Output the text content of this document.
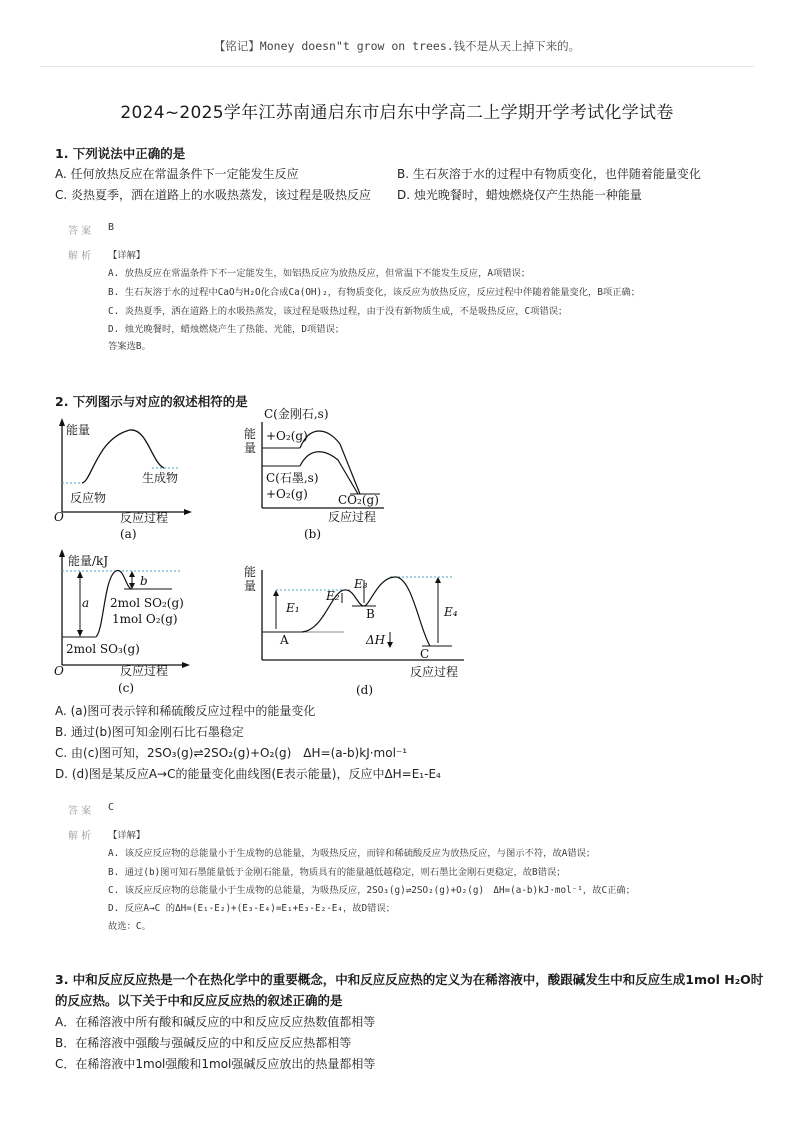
【铭记】Money doesn"t grow on trees.钱不是从天上掉下来的。
2024~2025学年江苏南通启东市启东中学高二上学期开学考试化学试卷
1. 下列说法中正确的是
A. 任何放热反应在常温条件下一定能发生反应	B. 生石灰溶于水的过程中有物质变化，也伴随着能量变化
C. 炎热夏季，洒在道路上的水吸热蒸发，该过程是吸热反应 D. 烛光晚餐时，蜡烛燃烧仅产生热能一种能量
答 案 B
解 析 【详解】
A. 放热反应在常温条件下不一定能发生，如铝热反应为放热反应，但常温下不能发生反应，A项错误；
B. 生石灰溶于水的过程中CaO与H₂O化合成Ca(OH)₂，有物质变化，该反应为放热反应，反应过程中伴随着能量变化，B项正确；
C. 炎热夏季，洒在道路上的水吸热蒸发，该过程是吸热过程，由于没有新物质生成，不是吸热反应，C项错误；
D. 烛光晚餐时，蜡烛燃烧产生了热能、光能，D项错误；
答案选B。
2. 下列图示与对应的叙述相符的是
能量
生成物
反应物
O	反应过程
(a)
C(金刚石,s)
能
量
+O₂(g)
C(石墨,s)
+O₂(g)	CO₂(g)
反应过程
(b)
能量/kJ
b
a 2mol SO₂(g)
1mol O₂(g)
2mol SO₃(g)
O	反应过程
(c)
能
量
E₁
E₂
E₃
E₄
A
B
C
ΔH
反应过程
(d)
A. (a)图可表示锌和稀硫酸反应过程中的能量变化
B. 通过(b)图可知金刚石比石墨稳定
C. 由(c)图可知，2SO₃(g)⇌2SO₂(g)+O₂(g)　ΔH=(a-b)kJ·mol⁻¹
D. (d)图是某反应A→C的能量变化曲线图(E表示能量)，反应中ΔH=E₁-E₄
答 案 C
解 析 【详解】
A. 该反应反应物的总能量小于生成物的总能量，为吸热反应，而锌和稀硫酸反应为放热反应，与图示不符，故A错误；
B. 通过(b)图可知石墨能量低于金刚石能量，物质具有的能量越低越稳定，则石墨比金刚石更稳定，故B错误；
C. 该反应反应物的总能量小于生成物的总能量，为吸热反应，2SO₃(g)⇌2SO₂(g)+O₂(g)　ΔH=(a-b)kJ·mol⁻¹，故C正确；
D. 反应A→C 的ΔH=(E₁-E₂)+(E₃-E₄)=E₁+E₃-E₂-E₄，故D错误；
故选：C。
3. 中和反应反应热是一个在热化学中的重要概念，中和反应反应热的定义为在稀溶液中，酸跟碱发生中和反应生成1mol H₂O时
的反应热。以下关于中和反应反应热的叙述正确的是
A．在稀溶液中所有酸和碱反应的中和反应反应热数值都相等
B．在稀溶液中强酸与强碱反应的中和反应反应热都相等
C．在稀溶液中1mol强酸和1mol强碱反应放出的热量都相等
